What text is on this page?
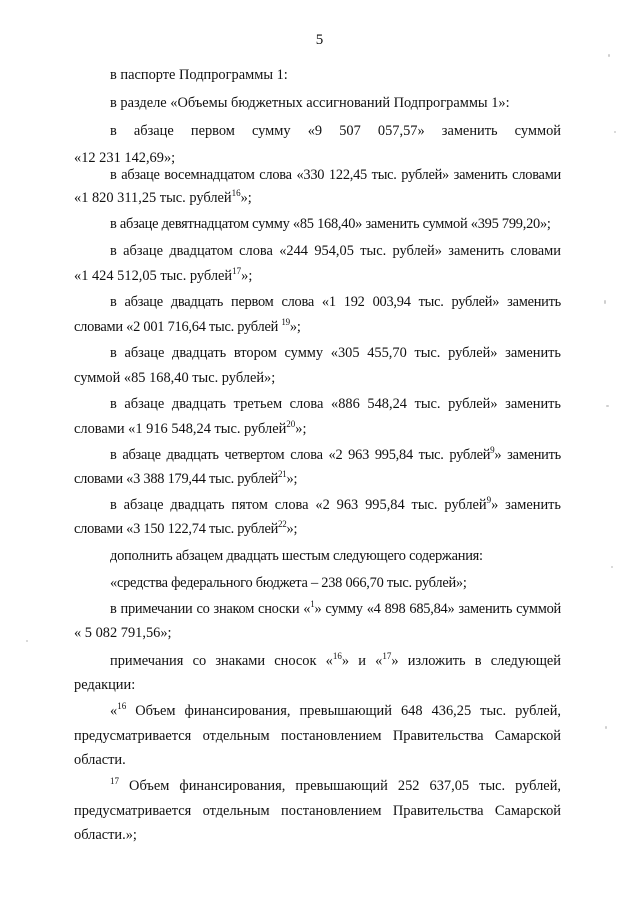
5
в паспорте Подпрограммы 1:
в разделе «Объемы бюджетных ассигнований Подпрограммы 1»:
в абзаце первом сумму «9 507 057,57» заменить суммой
«12 231 142,69»;
в абзаце восемнадцатом слова «330 122,45 тыс. рублей» заменить словами
«1 820 311,25 тыс. рублей$^{16}$»;
в абзаце девятнадцатом сумму «85 168,40» заменить суммой «395 799,20»;
в абзаце двадцатом слова «244 954,05 тыс. рублей» заменить словами
«1 424 512,05 тыс. рублей$^{17}$»;
в абзаце двадцать первом слова «1 192 003,94 тыс. рублей» заменить
словами «2 001 716,64 тыс. рублей $^{19}$»;
в абзаце двадцать втором сумму «305 455,70 тыс. рублей» заменить
суммой «85 168,40 тыс. рублей»;
в абзаце двадцать третьем слова «886 548,24 тыс. рублей» заменить
словами «1 916 548,24 тыс. рублей$^{20}$»;
в абзаце двадцать четвертом слова «2 963 995,84 тыс. рублей$^9$» заменить
словами «3 388 179,44 тыс. рублей$^{21}$»;
в абзаце двадцать пятом слова «2 963 995,84 тыс. рублей$^9$» заменить
словами «3 150 122,74 тыс. рублей$^{22}$»;
дополнить абзацем двадцать шестым следующего содержания:
«средства федерального бюджета – 238 066,70 тыс. рублей»;
в примечании со знаком сноски «$^1$» сумму «4 898 685,84» заменить суммой
« 5 082 791,56»;
примечания со знаками сносок «$^{16}$» и «$^{17}$» изложить в следующей
редакции:
«$^{16}$ Объем финансирования, превышающий 648 436,25 тыс. рублей,
предусматривается отдельным постановлением Правительства Самарской
области.
$^{17}$ Объем финансирования, превышающий 252 637,05 тыс. рублей,
предусматривается отдельным постановлением Правительства Самарской
области.»;
